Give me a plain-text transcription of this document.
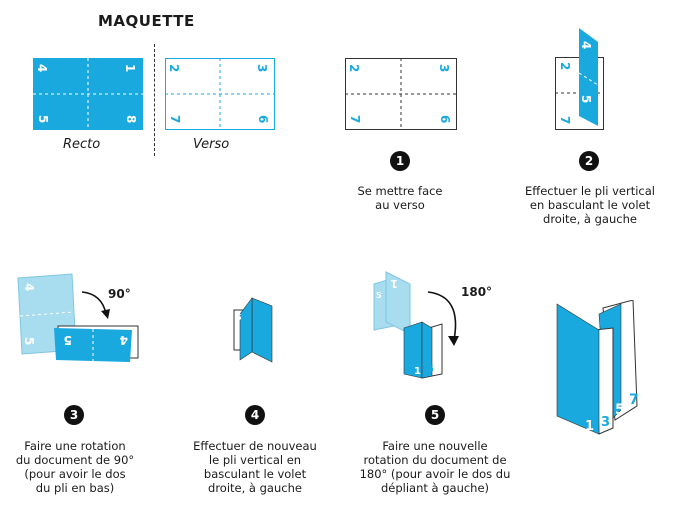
MAQUETTE
4	1
5	8
Recto
2	3
7	6
Verso
2	3
7	6
4
5
2
7
1	2
Se mettre face
au verso
Effectuer le pli vertical
en basculant le volet
droite, à gauche
4
5 5	4
90°
5
1
5
1 5
180°
1 3
5
7
3	4	5
Faire une rotation
du document de 90°
(pour avoir le dos
du pli en bas)
Effectuer de nouveau
le pli vertical en
basculant le volet
droite, à gauche
Faire une nouvelle
rotation du document de
180° (pour avoir le dos du
dépliant à gauche)
